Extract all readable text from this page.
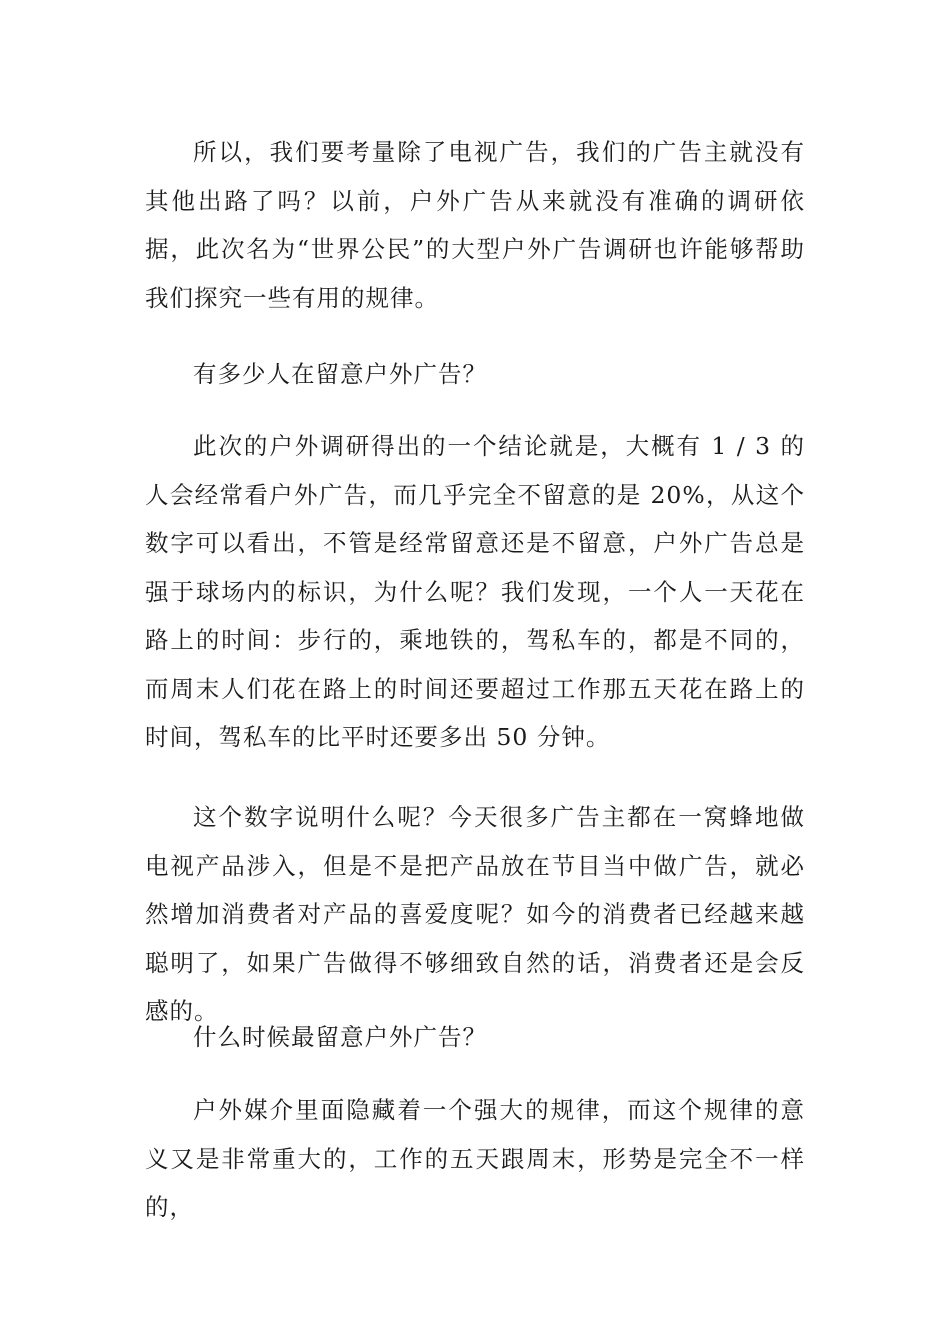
所以，我们要考量除了电视广告，我们的广告主就没有其他出路了吗？以前，户外广告从来就没有准确的调研依据，此次名为“世界公民”的大型户外广告调研也许能够帮助我们探究一些有用的规律。

有多少人在留意户外广告？

此次的户外调研得出的一个结论就是，大概有 1 / 3 的人会经常看户外广告，而几乎完全不留意的是 20%，从这个数字可以看出，不管是经常留意还是不留意，户外广告总是强于球场内的标识，为什么呢？我们发现，一个人一天花在路上的时间：步行的，乘地铁的，驾私车的，都是不同的，而周末人们花在路上的时间还要超过工作那五天花在路上的时间，驾私车的比平时还要多出 50 分钟。

这个数字说明什么呢？今天很多广告主都在一窝蜂地做电视产品涉入，但是不是把产品放在节目当中做广告，就必然增加消费者对产品的喜爱度呢？如今的消费者已经越来越聪明了，如果广告做得不够细致自然的话，消费者还是会反感的。

什么时候最留意户外广告？

户外媒介里面隐藏着一个强大的规律，而这个规律的意义又是非常重大的，工作的五天跟周末，形势是完全不一样的，
